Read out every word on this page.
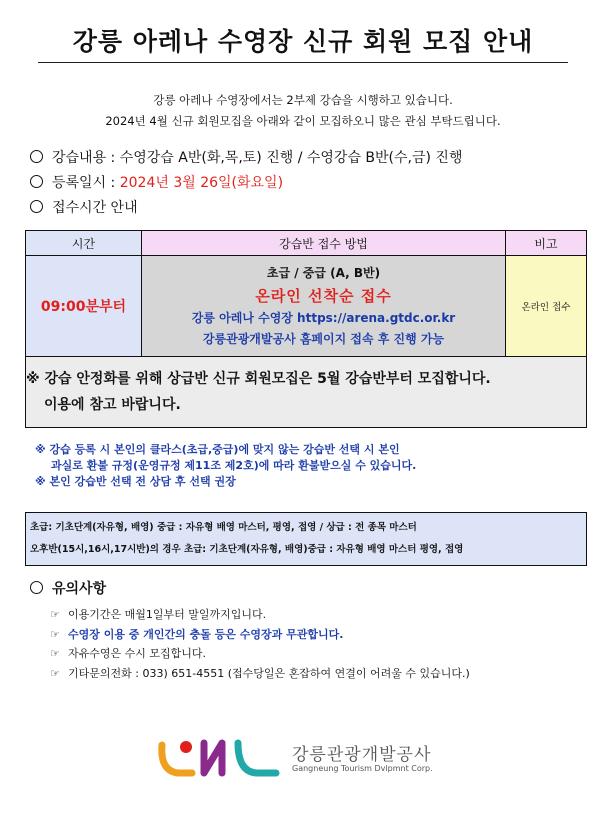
강릉 아레나 수영장 신규 회원 모집 안내
강릉 아레나 수영장에서는 2부제 강습을 시행하고 있습니다.
2024년 4월 신규 회원모집을 아래와 같이 모집하오니 많은 관심 부탁드립니다.
강습내용 : 수영강습 A반(화,목,토) 진행 / 수영강습 B반(수,금) 진행
등록일시 : 2024년 3월 26일(화요일)
접수시간 안내
시간	강습반 접수 방법	비고
09:00분부터	초급 / 중급 (A, B반)
온라인 선착순 접수
강릉 아레나 수영장 https://arena.gtdc.or.kr
강릉관광개발공사 홈페이지 접속 후 진행 가능	온라인 접수

※ 강습 안정화를 위해 상급반 신규 회원모집은 5월 강습반부터 모집합니다.
이용에 참고 바랍니다.		
※ 강습 등록 시 본인의 클라스(초급,중급)에 맞지 않는 강습반 선택 시 본인
과실로 환불 규정(운영규정 제11조 제2호)에 따라 환불받으실 수 있습니다.
※ 본인 강습반 선택 전 상담 후 선택 권장
초급: 기초단계(자유형, 배영) 중급 : 자유형 배영 마스터, 평영, 접영 / 상급 : 전 종목 마스터
오후반(15시,16시,17시반)의 경우 초급: 기초단계(자유형, 배영)중급 : 자유형 배영 마스터 평영, 접영
유의사항
☞ 이용기간은 매월1일부터 말일까지입니다.
☞ 수영장 이용 중 개인간의 충돌 등은 수영장과 무관합니다.
☞ 자유수영은 수시 모집합니다.
☞ 기타문의전화 : 033) 651-4551 (접수당일은 혼잡하여 연결이 어려울 수 있습니다.)
강릉관광개발공사
Gangneung Tourism Dvlpmnt Corp.
